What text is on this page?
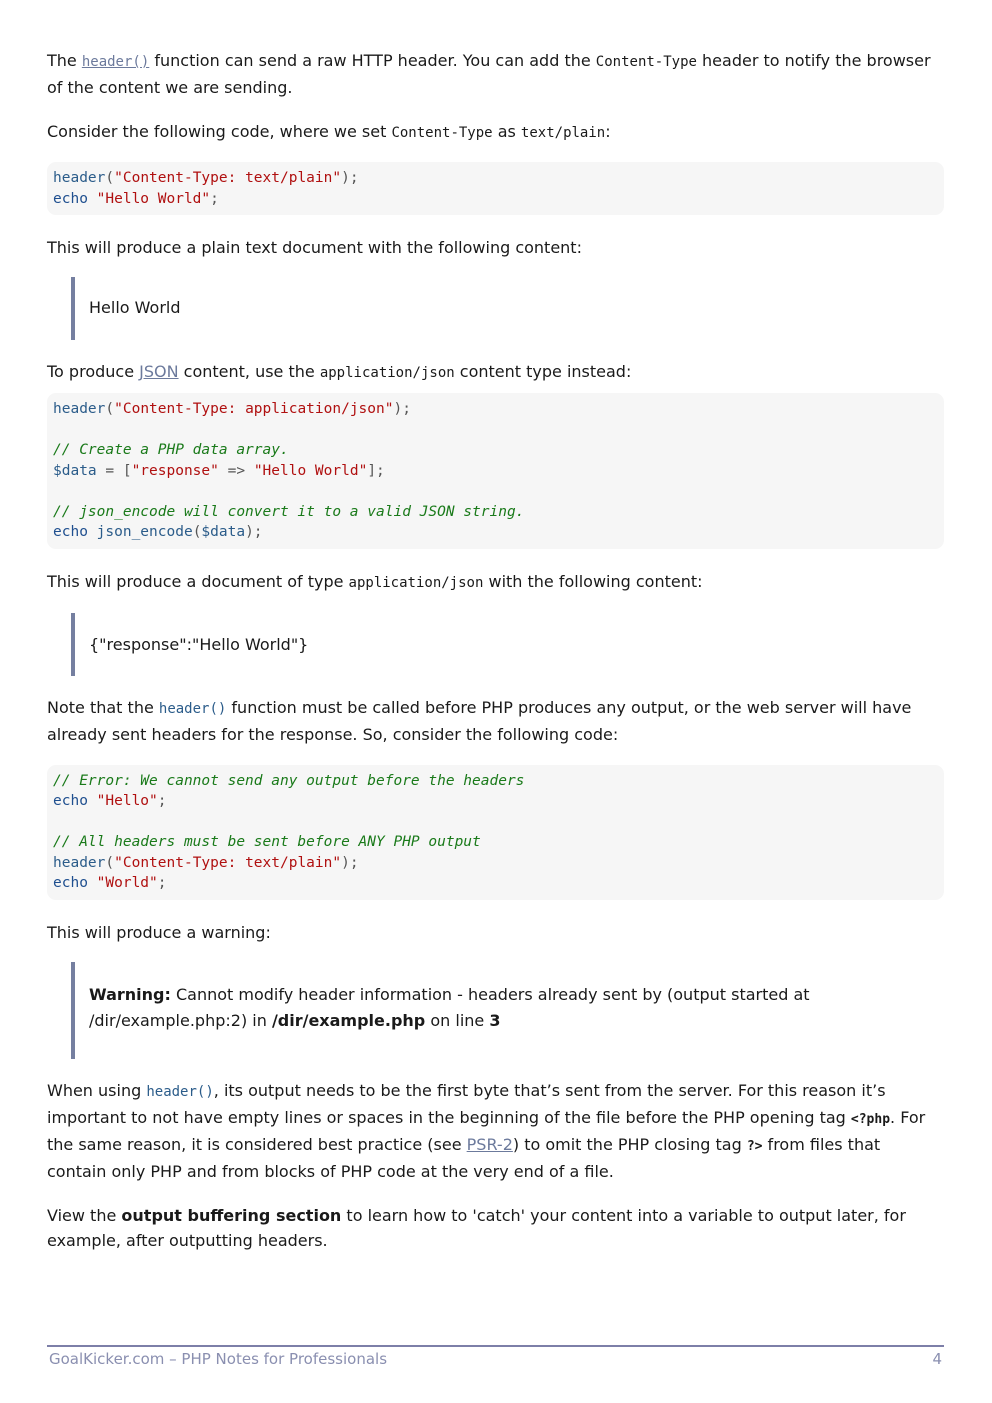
The header() function can send a raw HTTP header. You can add the Content-Type header to notify the browser of the content we are sending.

Consider the following code, where we set Content-Type as text/plain:

header("Content-Type: text/plain");
echo "Hello World";

This will produce a plain text document with the following content:

Hello World

To produce JSON content, use the application/json content type instead:

header("Content-Type: application/json");
// Create a PHP data array.
$data = ["response" => "Hello World"];
// json_encode will convert it to a valid JSON string.
echo json_encode($data);

This will produce a document of type application/json with the following content:

{"response":"Hello World"}

Note that the header() function must be called before PHP produces any output, or the web server will have already sent headers for the response. So, consider the following code:

// Error: We cannot send any output before the headers
echo "Hello";
// All headers must be sent before ANY PHP output
header("Content-Type: text/plain");
echo "World";

This will produce a warning:

Warning: Cannot modify header information - headers already sent by (output started at /dir/example.php:2) in /dir/example.php on line 3

When using header(), its output needs to be the first byte that’s sent from the server. For this reason it’s important to not have empty lines or spaces in the beginning of the file before the PHP opening tag <?php. For the same reason, it is considered best practice (see PSR-2) to omit the PHP closing tag ?> from files that contain only PHP and from blocks of PHP code at the very end of a file.

View the output buffering section to learn how to 'catch' your content into a variable to output later, for example, after outputting headers.

GoalKicker.com – PHP Notes for Professionals	4
